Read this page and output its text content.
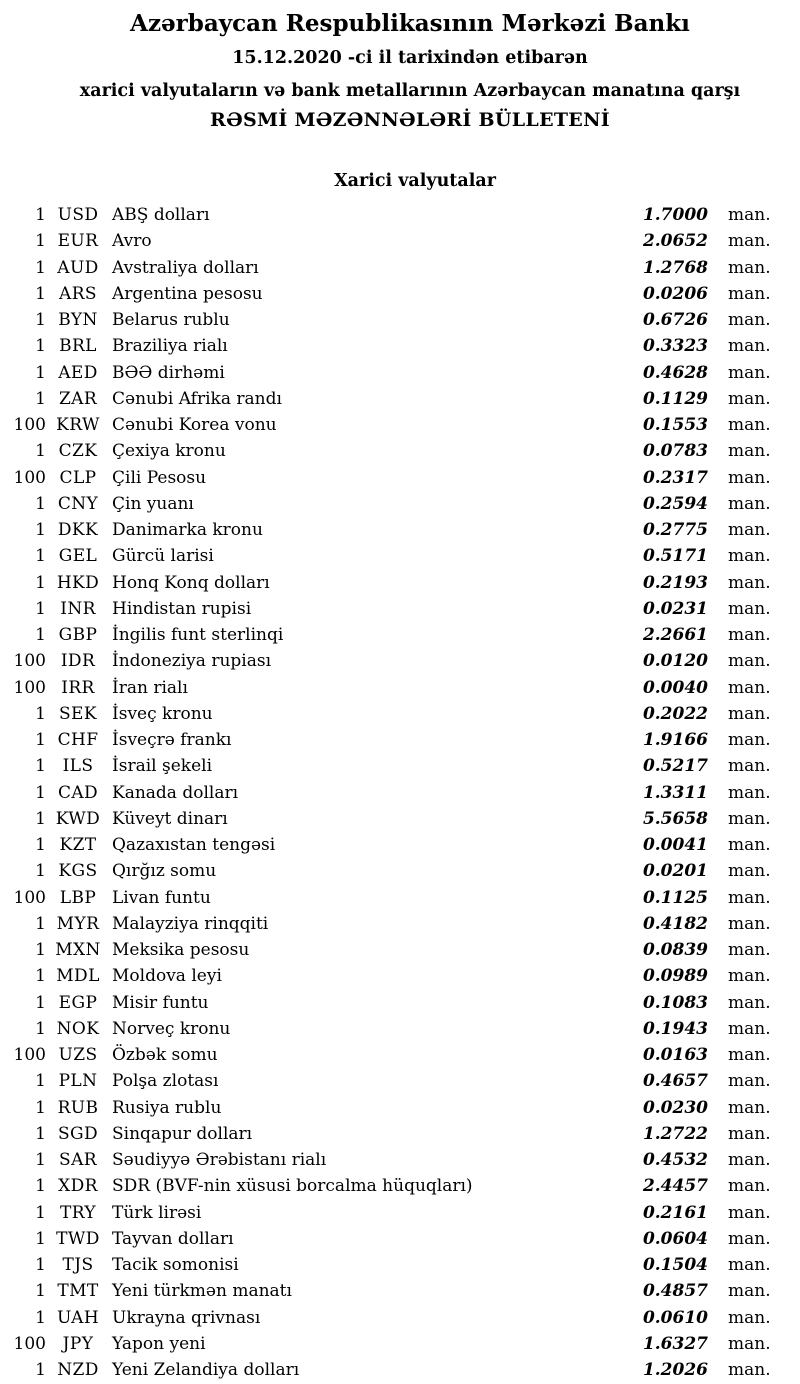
Azərbaycan Respublikasının Mərkəzi Bankı
15.12.2020 -ci il tarixindən etibarən
xarici valyutaların və bank metallarının Azərbaycan manatına qarşı
RƏSMİ MƏZƏNNƏLƏRİ BÜLLETENİ
Xarici valyutalar
1 USD ABŞ dolları	1.7000	man.
1 EUR Avro	2.0652	man.
1 AUD Avstraliya dolları	1.2768	man.
1 ARS Argentina pesosu	0.0206	man.
1 BYN Belarus rublu	0.6726	man.
1 BRL Braziliya rialı	0.3323	man.
1 AED BƏƏ dirhəmi	0.4628	man.
1 ZAR Cənubi Afrika randı	0.1129	man.
100 KRW Cənubi Korea vonu	0.1553	man.
1 CZK Çexiya kronu	0.0783	man.
100 CLP Çili Pesosu	0.2317	man.
1 CNY Çin yuanı	0.2594	man.
1 DKK Danimarka kronu	0.2775	man.
1 GEL Gürcü larisi	0.5171	man.
1 HKD Honq Konq dolları	0.2193	man.
1 INR Hindistan rupisi	0.0231	man.
1 GBP İngilis funt sterlinqi	2.2661	man.
100 IDR İndoneziya rupiası	0.0120	man.
100 IRR	İran rialı	0.0040	man.
1 SEK İsveç kronu	0.2022	man.
1 CHF İsveçrə frankı	1.9166	man.
1 ILS	İsrail şekeli	0.5217	man.
1 CAD Kanada dolları	1.3311	man.
1 KWD Küveyt dinarı	5.5658	man.
1 KZT Qazaxıstan tengəsi	0.0041	man.
1 KGS Qırğız somu	0.0201	man.
100 LBP Livan funtu	0.1125	man.
1 MYR Malayziya rinqqiti	0.4182	man.
1 MXN Meksika pesosu	0.0839	man.
1 MDL Moldova leyi	0.0989	man.
1 EGP Misir funtu	0.1083	man.
1 NOK Norveç kronu	0.1943	man.
100 UZS Özbək somu	0.0163	man.
1 PLN Polşa zlotası	0.4657	man.
1 RUB Rusiya rublu	0.0230	man.
1 SGD Sinqapur dolları	1.2722	man.
1 SAR Səudiyyə Ərəbistanı rialı	0.4532	man.
1 XDR SDR (BVF-nin xüsusi borcalma hüquqları)	2.4457	man.
1 TRY Türk lirəsi	0.2161	man.
1 TWD Tayvan dolları	0.0604	man.
1 TJS	Tacik somonisi	0.1504	man.
1 TMT Yeni türkmən manatı	0.4857	man.
1 UAH Ukrayna qrivnası	0.0610	man.
100 JPY	Yapon yeni	1.6327	man.
1 NZD Yeni Zelandiya dolları	1.2026	man.
